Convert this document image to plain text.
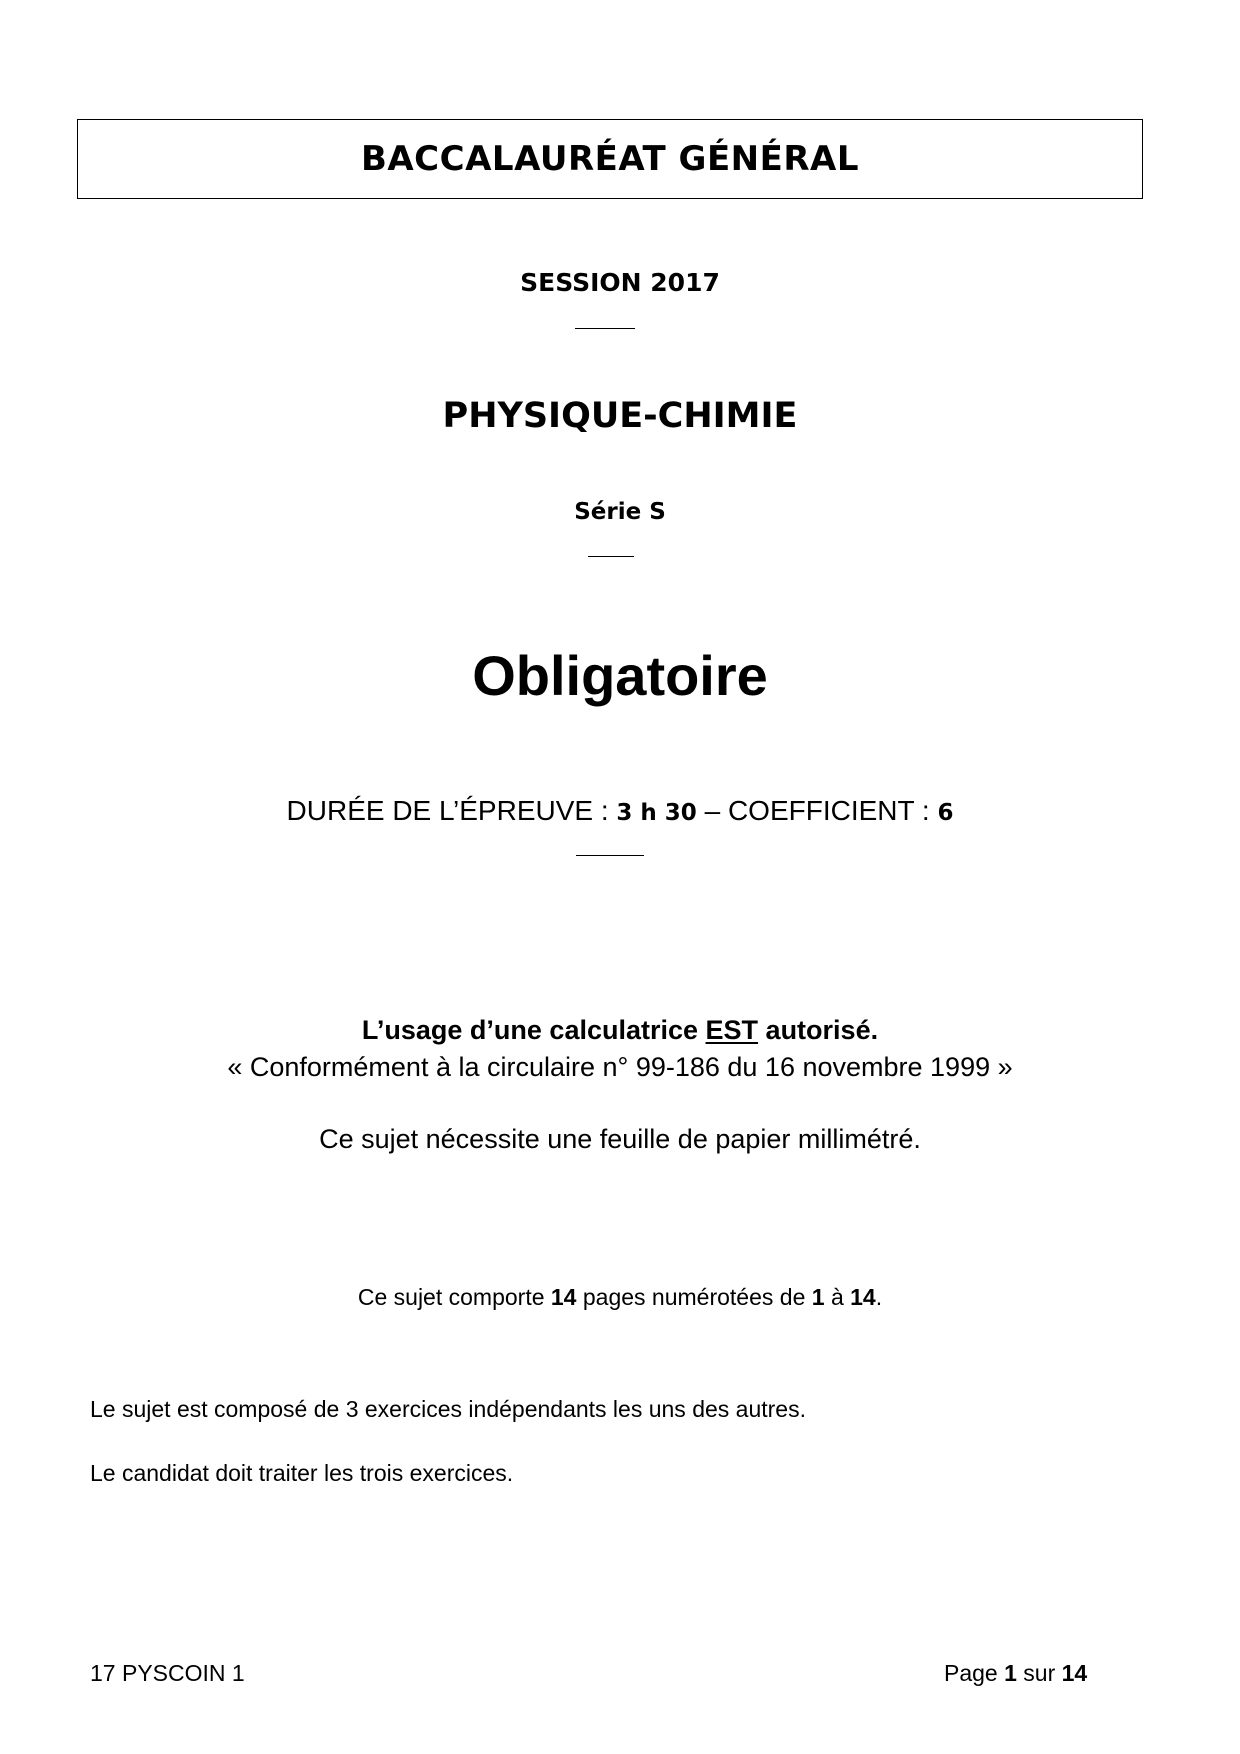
BACCALAURÉAT GÉNÉRAL
SESSION 2017
PHYSIQUE-CHIMIE
Série S
Obligatoire
DURÉE DE L’ÉPREUVE : 3 h 30 – COEFFICIENT : 6
L’usage d’une calculatrice EST autorisé.
« Conformément à la circulaire n° 99-186 du 16 novembre 1999 »
Ce sujet nécessite une feuille de papier millimétré.
Ce sujet comporte 14 pages numérotées de 1 à 14.
Le sujet est composé de 3 exercices indépendants les uns des autres.
Le candidat doit traiter les trois exercices.
17 PYSCOIN 1	Page 1 sur 14
